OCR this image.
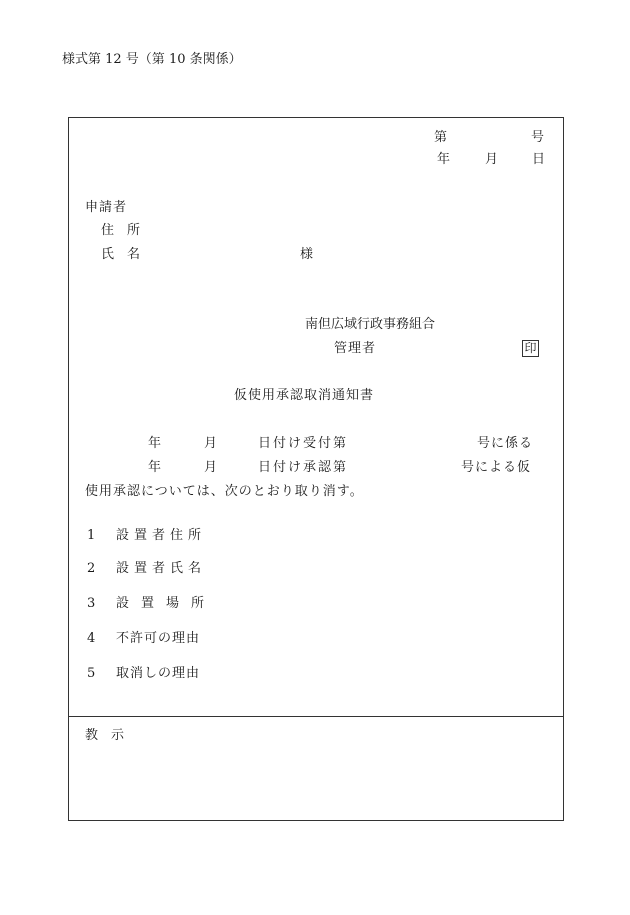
様式第 12 号（第 10 条関係）
第	号
年	月	日
申請者
住　所
氏　名	様
南但広域行政事務組合
管理者	印
仮使用承認取消通知書
年	月	日付け受付第	号に係る
年	月	日付け承認第	号による仮
使用承認については、次のとおり取り消す。
1 設置者住所
2 設置者氏名
3 設置場所
4 不許可の理由
5 取消しの理由
教　示
